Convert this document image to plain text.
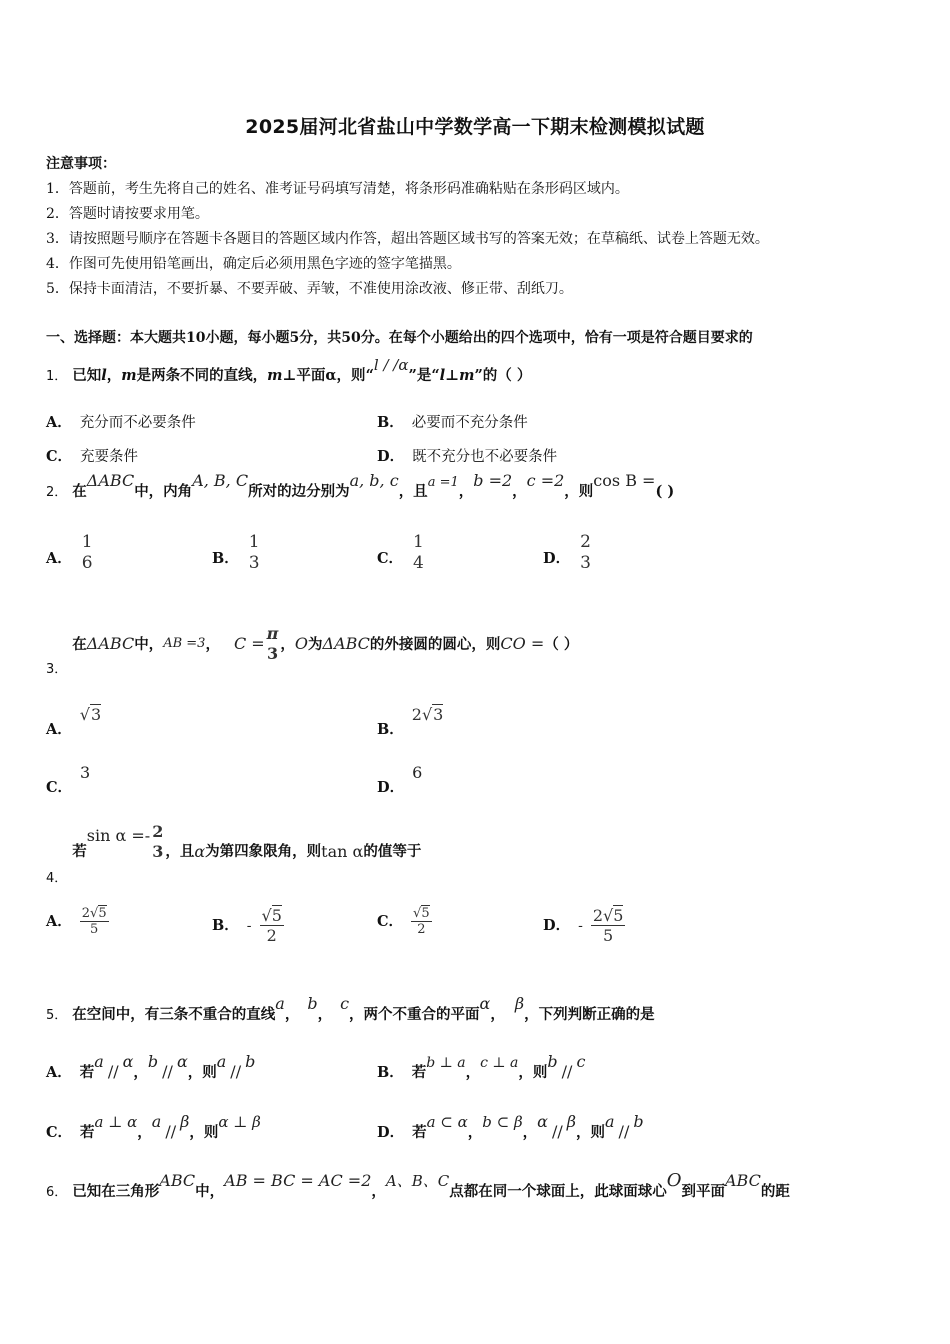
2025届河北省盐山中学数学高一下期末检测模拟试题
注意事项：
1．答题前，考生先将自己的姓名、准考证号码填写清楚，将条形码准确粘贴在条形码区域内。
2．答题时请按要求用笔。
3．请按照题号顺序在答题卡各题目的答题区域内作答，超出答题区域书写的答案无效；在草稿纸、试卷上答题无效。
4．作图可先使用铅笔画出，确定后必须用黑色字迹的签字笔描黑。
5．保持卡面清洁，不要折暴、不要弄破、弄皱，不准使用涂改液、修正带、刮纸刀。
一、选择题：本大题共10小题，每小题5分，共50分。在每个小题给出的四个选项中，恰有一项是符合题目要求的
1． 已知l，m是两条不同的直线，m⊥平面α，则“l / /α”是“l⊥m”的（ ）
A． 充分而不必要条件	B． 必要而不充分条件
C． 充要条件	D． 既不充分也不必要条件
2． 在ΔABC中，内角A, B, C所对的边分别为a, b, c，且a =1，b =2，c =2，则cos B =( )
A．
1
6	B．
1
3	C．
1
4	D．
2
3
3．
在 ΔABC 中， AB =3 ， C =
π
3 ， O 为 ΔABC 的外接圆的圆心，则 CO = （ ）
A．√3
B．2√3
C．3
D．6
4．
若
sin α =- 2
3 ，且 α 为第四象限角，则 tan α 的值等于
A． $\frac{2√5}{5}$	B． - $\frac{√5}{2}$	C． $\frac{√5}{2}$	D． - $\frac{2√5}{5}$
5． 在空间中，有三条不重合的直线a，b，c，两个不重合的平面α，β，下列判断正确的是
A． 若a//α，b//α，则a//b
B． 若b ⊥ a，c ⊥ a，则b//c
C． 若a ⊥ α，a//β，则α ⊥ β
D． 若a ⊂ α，b ⊂ β，α//β，则a//b
6． 已知在三角形ABC中，AB = BC = AC =2，A、B、C点都在同一个球面上，此球面球心O到平面ABC的距
